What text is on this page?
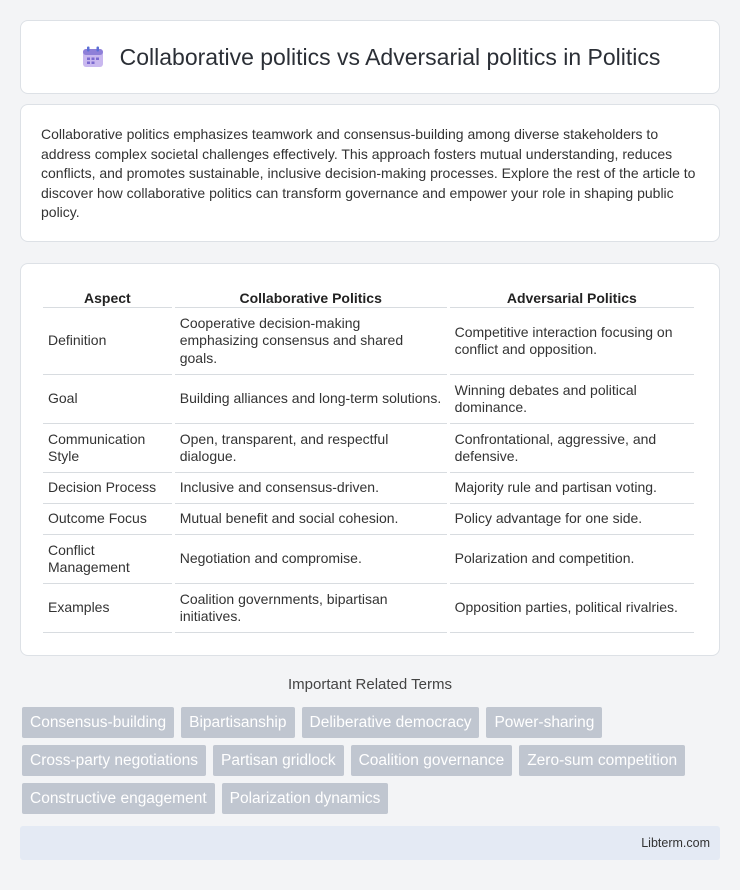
Collaborative politics vs Adversarial politics in Politics

Collaborative politics emphasizes teamwork and consensus-building among diverse stakeholders to address complex societal challenges effectively. This approach fosters mutual understanding, reduces conflicts, and promotes sustainable, inclusive decision-making processes. Explore the rest of the article to discover how collaborative politics can transform governance and empower your role in shaping public policy.

Aspect	Collaborative Politics	Adversarial Politics
Definition	Cooperative decision-making emphasizing consensus and shared goals.	Competitive interaction focusing on conflict and opposition.
Goal	Building alliances and long-term solutions.	Winning debates and political dominance.
Communication Style	Open, transparent, and respectful dialogue.	Confrontational, aggressive, and defensive.
Decision Process	Inclusive and consensus-driven.	Majority rule and partisan voting.
Outcome Focus	Mutual benefit and social cohesion.	Policy advantage for one side.
Conflict Management	Negotiation and compromise.	Polarization and competition.
Examples	Coalition governments, bipartisan initiatives.	Opposition parties, political rivalries.
Important Related Terms
Consensus-building	Bipartisanship	Deliberative democracy	Power-sharing
Cross-party negotiations	Partisan gridlock	Coalition governance	Zero-sum competition
Constructive engagement	Polarization dynamics
Libterm.com
